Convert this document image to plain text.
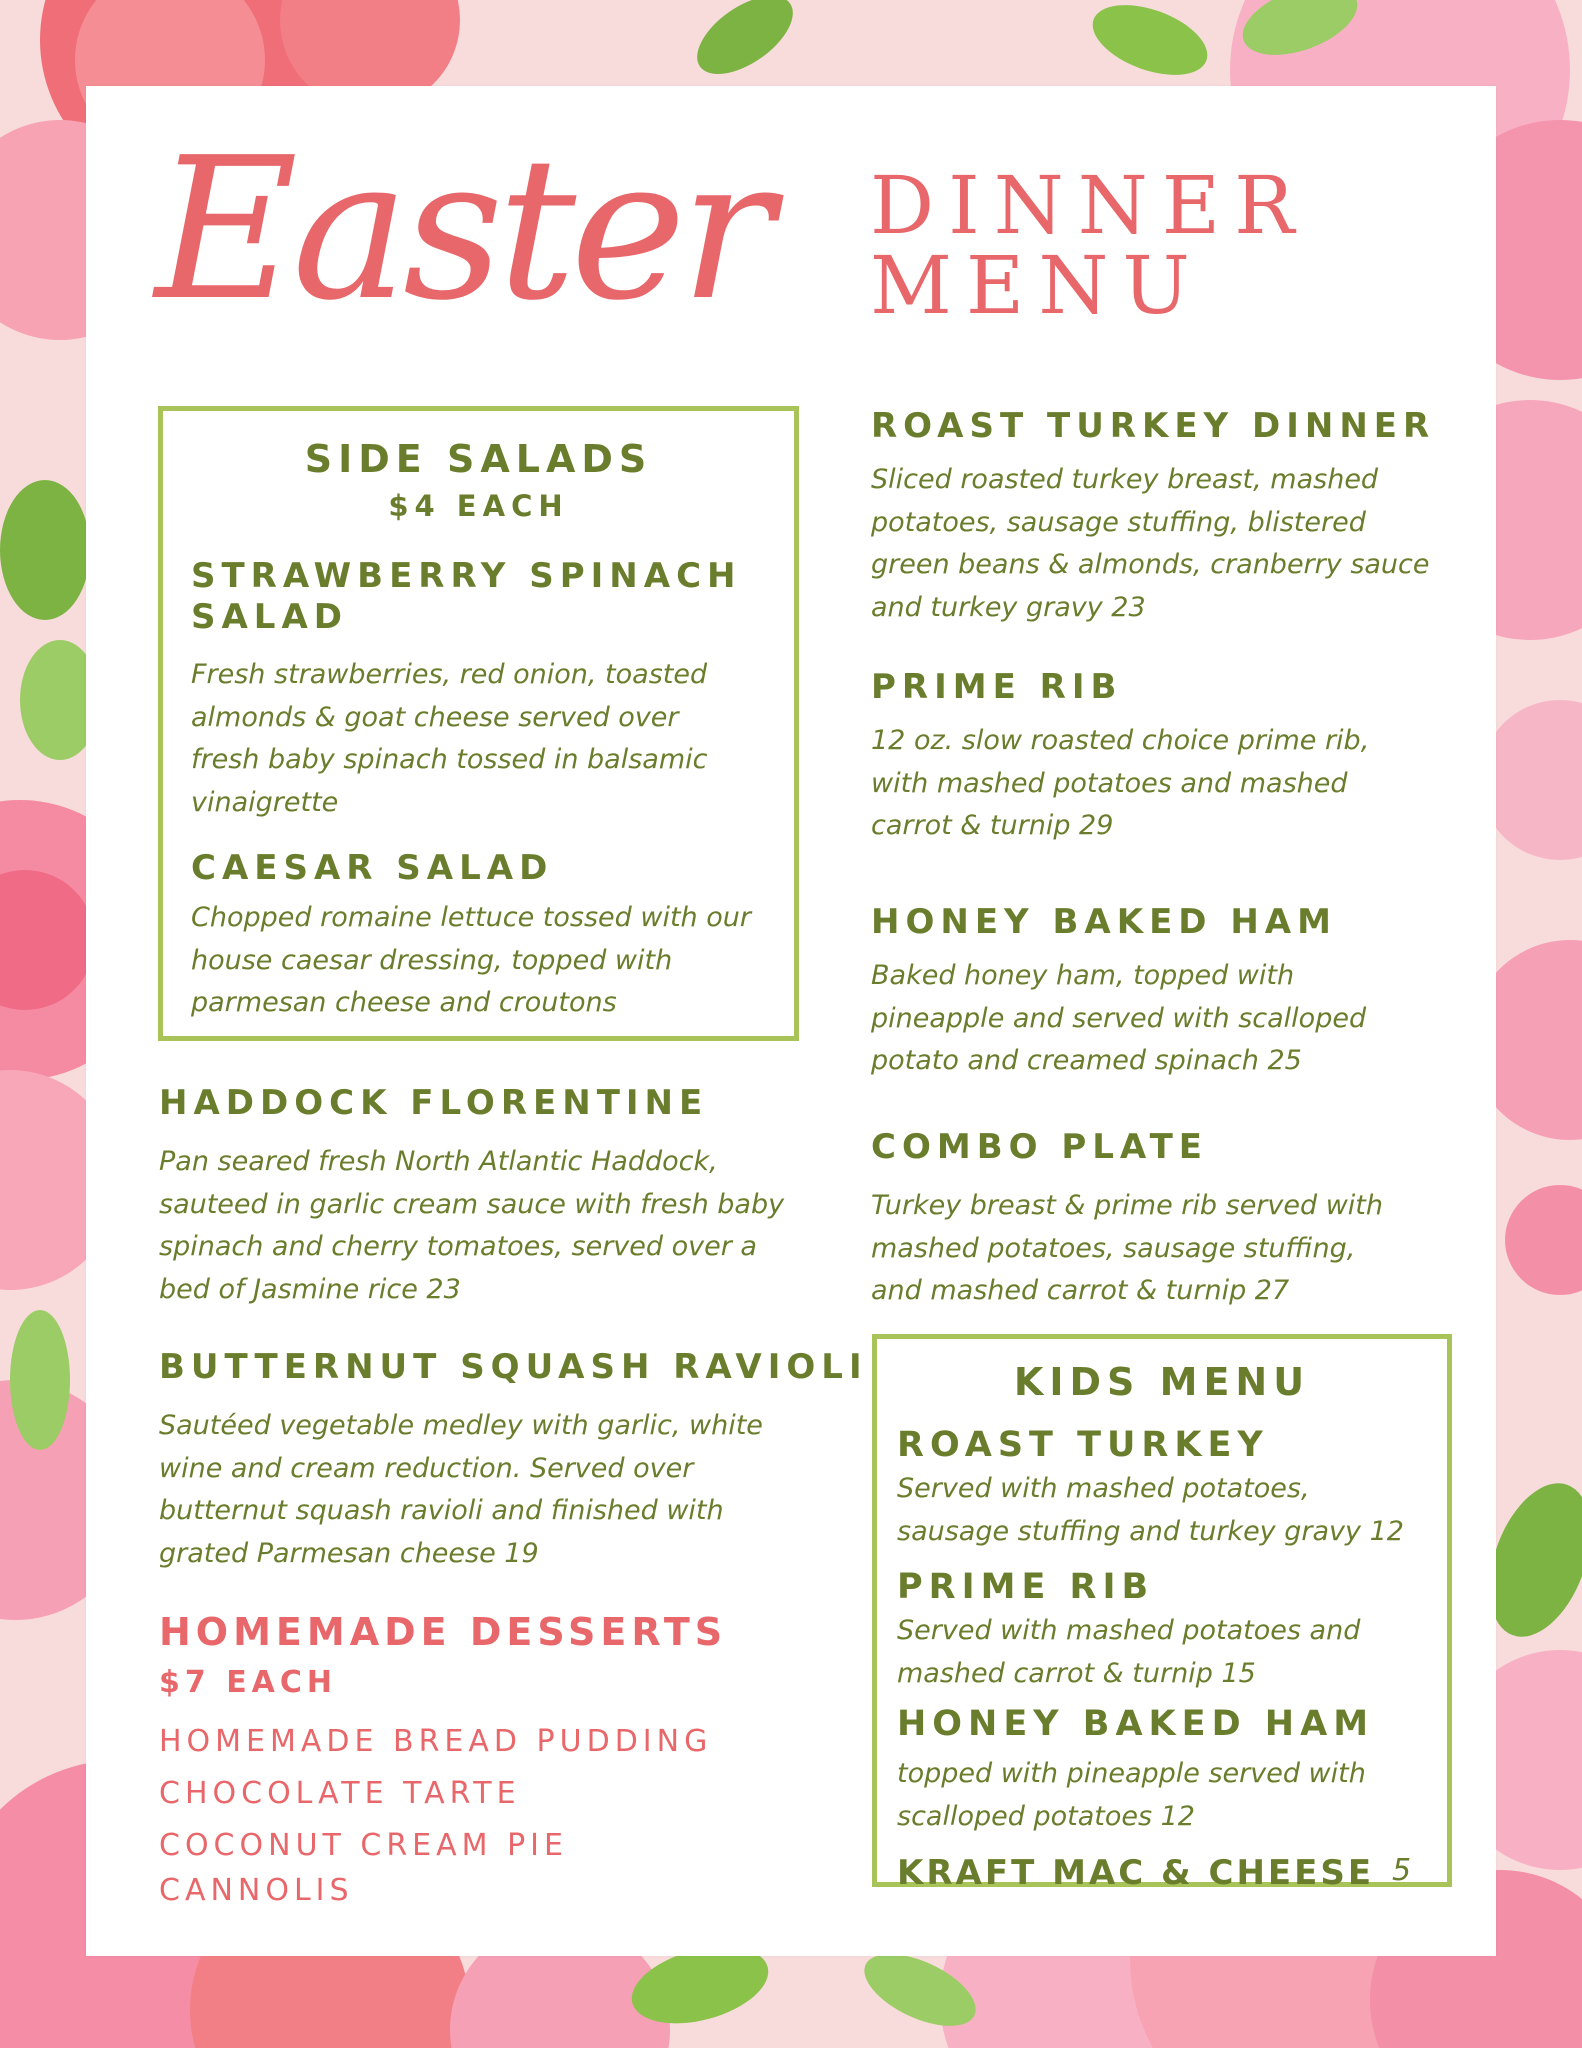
Easter DINNER
MENU
SIDE SALADS
$4 EACH
STRAWBERRY SPINACH
SALAD
Fresh strawberries, red onion, toasted
almonds & goat cheese served over
fresh baby spinach tossed in balsamic
vinaigrette
CAESAR SALAD
Chopped romaine lettuce tossed with our
house caesar dressing, topped with
parmesan cheese and croutons
HADDOCK FLORENTINE
Pan seared fresh North Atlantic Haddock,
sauteed in garlic cream sauce with fresh baby
spinach and cherry tomatoes, served over a
bed of Jasmine rice 23
BUTTERNUT SQUASH RAVIOLI
Sautéed vegetable medley with garlic, white
wine and cream reduction. Served over
butternut squash ravioli and finished with
grated Parmesan cheese 19
HOMEMADE DESSERTS
$7 EACH
HOMEMADE BREAD PUDDING
CHOCOLATE TARTE
COCONUT CREAM PIE
CANNOLIS
ROAST TURKEY DINNER
Sliced roasted turkey breast, mashed
potatoes, sausage stuffing, blistered
green beans & almonds, cranberry sauce
and turkey gravy 23
PRIME RIB
12 oz. slow roasted choice prime rib,
with mashed potatoes and mashed
carrot & turnip 29
HONEY BAKED HAM
Baked honey ham, topped with
pineapple and served with scalloped
potato and creamed spinach 25
COMBO PLATE
Turkey breast & prime rib served with
mashed potatoes, sausage stuffing,
and mashed carrot & turnip 27
KIDS MENU
ROAST TURKEY
Served with mashed potatoes,
sausage stuffing and turkey gravy 12
PRIME RIB
Served with mashed potatoes and
mashed carrot & turnip 15
HONEY BAKED HAM
topped with pineapple served with
scalloped potatoes 12
KRAFT MAC & CHEESE 5
